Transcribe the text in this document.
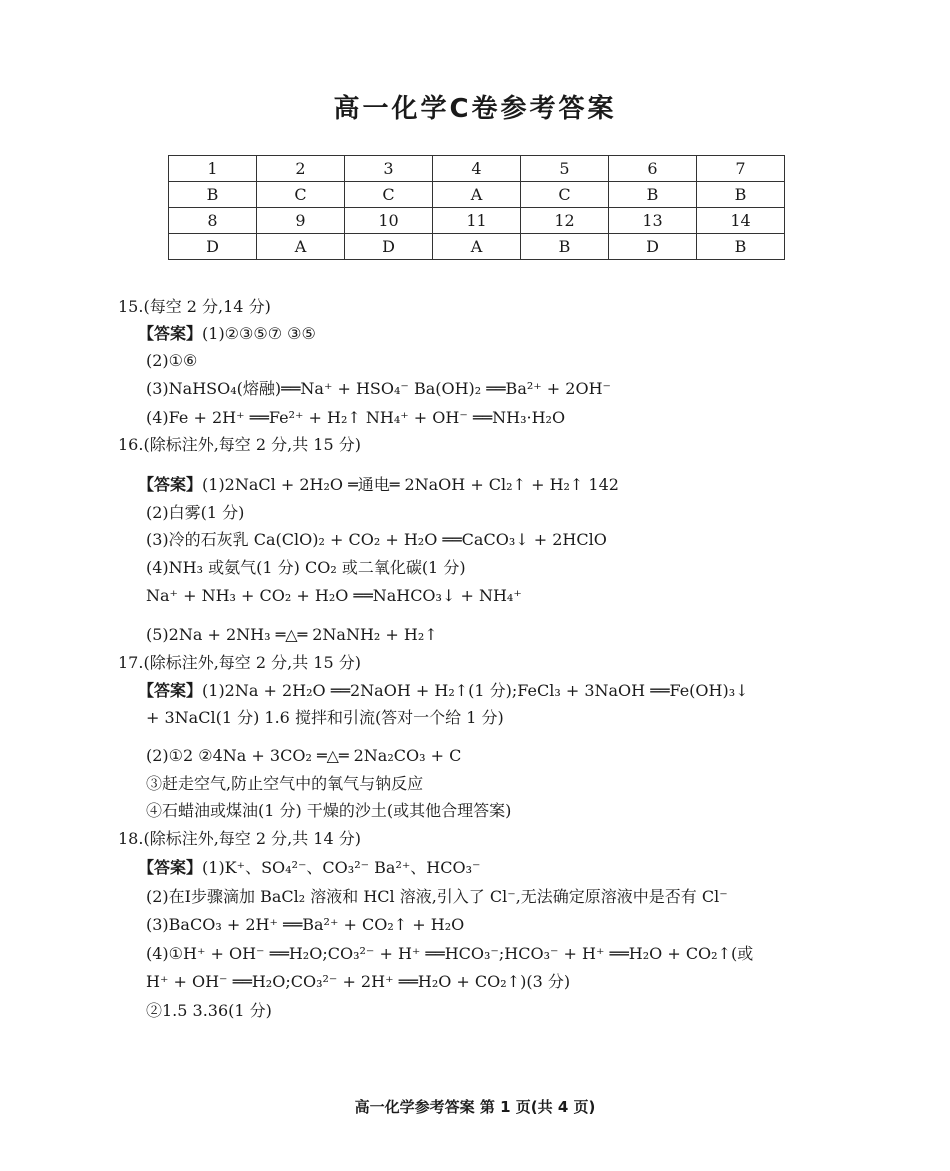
高一化学C卷参考答案
1	2	3	4	5	6	7
B	C	C	A	C	B	B
8	9	10	11	12	13	14
D	A	D	A	B	D	B
15.(每空 2 分,14 分)
【答案】(1)②③⑤⑦ ③⑤
(2)①⑥
(3)NaHSO₄(熔融)══Na⁺ + HSO₄⁻ Ba(OH)₂ ══Ba²⁺ + 2OH⁻
(4)Fe + 2H⁺ ══Fe²⁺ + H₂↑ NH₄⁺ + OH⁻ ══NH₃·H₂O
16.(除标注外,每空 2 分,共 15 分)
【答案】(1)2NaCl + 2H₂O ═通电═ 2NaOH + Cl₂↑ + H₂↑ 142
(2)白雾(1 分)
(3)冷的石灰乳 Ca(ClO)₂ + CO₂ + H₂O ══CaCO₃↓ + 2HClO
(4)NH₃ 或氨气(1 分) CO₂ 或二氧化碳(1 分)
Na⁺ + NH₃ + CO₂ + H₂O ══NaHCO₃↓ + NH₄⁺
(5)2Na + 2NH₃ ═△═ 2NaNH₂ + H₂↑
17.(除标注外,每空 2 分,共 15 分)
【答案】(1)2Na + 2H₂O ══2NaOH + H₂↑(1 分);FeCl₃ + 3NaOH ══Fe(OH)₃↓
+ 3NaCl(1 分) 1.6 搅拌和引流(答对一个给 1 分)
(2)①2 ②4Na + 3CO₂ ═△═ 2Na₂CO₃ + C
③赶走空气,防止空气中的氧气与钠反应
④石蜡油或煤油(1 分) 干燥的沙土(或其他合理答案)
18.(除标注外,每空 2 分,共 14 分)
【答案】(1)K⁺、SO₄²⁻、CO₃²⁻ Ba²⁺、HCO₃⁻
(2)在Ⅰ步骤滴加 BaCl₂ 溶液和 HCl 溶液,引入了 Cl⁻,无法确定原溶液中是否有 Cl⁻
(3)BaCO₃ + 2H⁺ ══Ba²⁺ + CO₂↑ + H₂O
(4)①H⁺ + OH⁻ ══H₂O;CO₃²⁻ + H⁺ ══HCO₃⁻;HCO₃⁻ + H⁺ ══H₂O + CO₂↑(或
H⁺ + OH⁻ ══H₂O;CO₃²⁻ + 2H⁺ ══H₂O + CO₂↑)(3 分)
②1.5 3.36(1 分)
高一化学参考答案 第 1 页(共 4 页)
